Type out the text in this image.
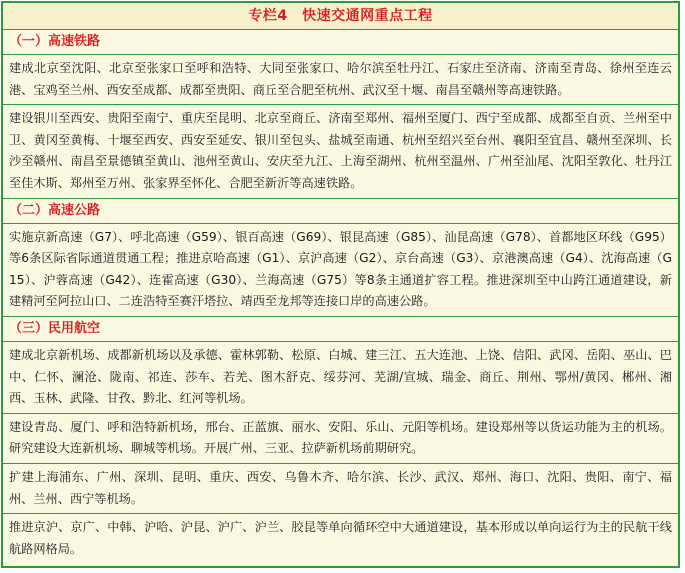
专栏4　快速交通网重点工程
（一）高速铁路
建成北京至沈阳、北京至张家口至呼和浩特、大同至张家口、哈尔滨至牡丹江、石家庄至济南、济南至青岛、徐州至连云港、宝鸡至兰州、西安至成都、成都至贵阳、商丘至合肥至杭州、武汉至十堰、南昌至赣州等高速铁路。
建设银川至西安、贵阳至南宁、重庆至昆明、北京至商丘、济南至郑州、福州至厦门、西宁至成都、成都至自贡、兰州至中卫、黄冈至黄梅、十堰至西安、西安至延安、银川至包头、盐城至南通、杭州至绍兴至台州、襄阳至宜昌、赣州至深圳、长沙至赣州、南昌至景德镇至黄山、池州至黄山、安庆至九江、上海至湖州、杭州至温州、广州至汕尾、沈阳至敦化、牡丹江至佳木斯、郑州至万州、张家界至怀化、合肥至新沂等高速铁路。
（二）高速公路
实施京新高速（G7）、呼北高速（G59）、银百高速（G69）、银昆高速（G85）、汕昆高速（G78）、首都地区环线（G95）等6条区际省际通道贯通工程；推进京哈高速（G1）、京沪高速（G2）、京台高速（G3）、京港澳高速（G4）、沈海高速（G15）、沪蓉高速（G42）、连霍高速（G30）、兰海高速（G75）等8条主通道扩容工程。推进深圳至中山跨江通道建设，新建精河至阿拉山口、二连浩特至赛汗塔拉、靖西至龙邦等连接口岸的高速公路。
（三）民用航空
建成北京新机场、成都新机场以及承德、霍林郭勒、松原、白城、建三江、五大连池、上饶、信阳、武冈、岳阳、巫山、巴中、仁怀、澜沧、陇南、祁连、莎车、若羌、图木舒克、绥芬河、芜湖/宣城、瑞金、商丘、荆州、鄂州/黄冈、郴州、湘西、玉林、武隆、甘孜、黔北、红河等机场。
建设青岛、厦门、呼和浩特新机场，邢台、正蓝旗、丽水、安阳、乐山、元阳等机场。建设郑州等以货运功能为主的机场。研究建设大连新机场、聊城等机场。开展广州、三亚、拉萨新机场前期研究。
扩建上海浦东、广州、深圳、昆明、重庆、西安、乌鲁木齐、哈尔滨、长沙、武汉、郑州、海口、沈阳、贵阳、南宁、福州、兰州、西宁等机场。
推进京沪、京广、中韩、沪哈、沪昆、沪广、沪兰、胶昆等单向循环空中大通道建设，基本形成以单向运行为主的民航干线航路网格局。
